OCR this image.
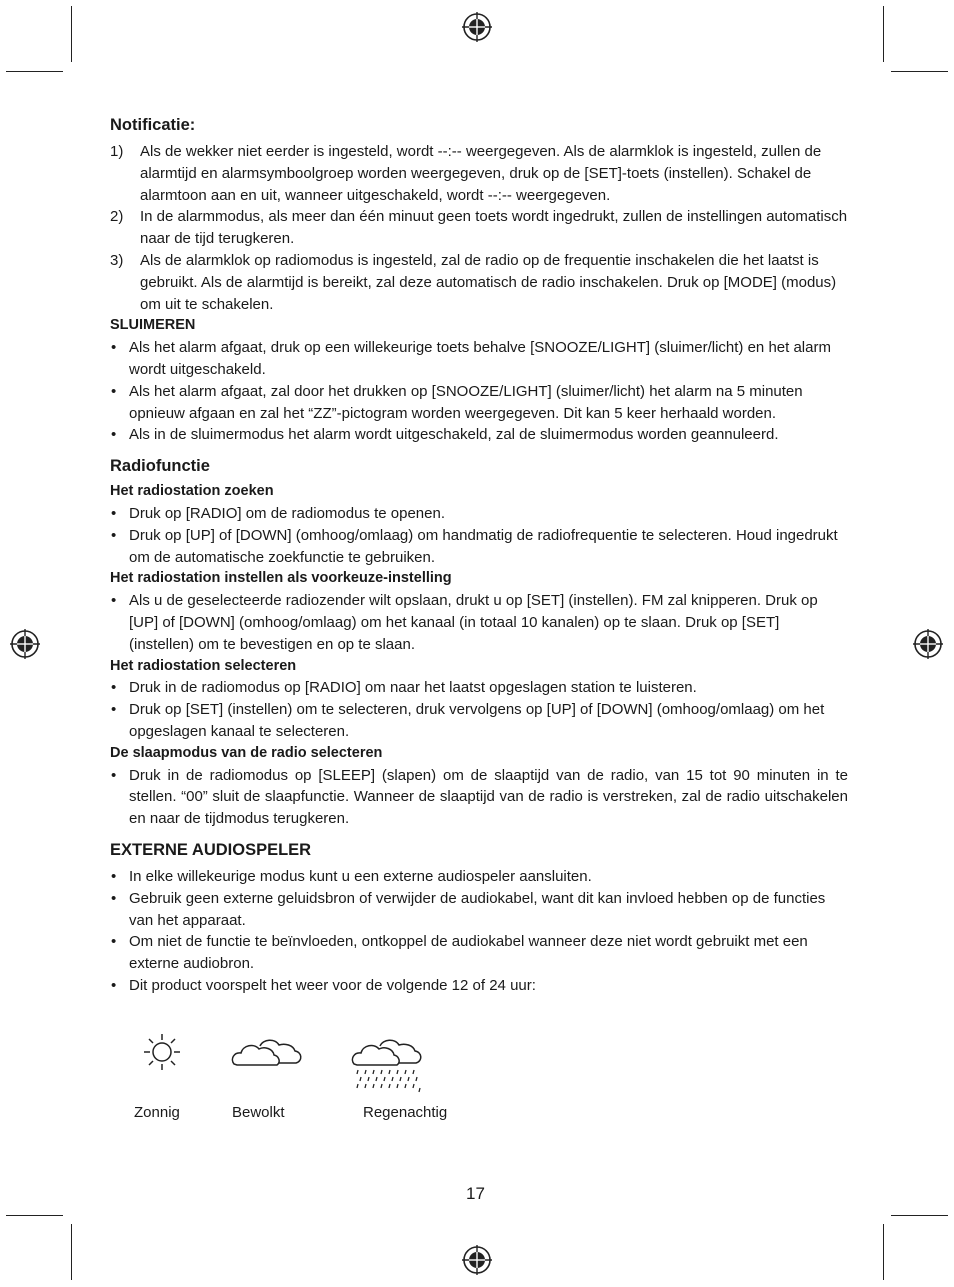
Notificatie:
1) Als de wekker niet eerder is ingesteld, wordt --:-- weergegeven. Als de alarmklok is ingesteld, zullen de alarmtijd en alarmsymboolgroep worden weergegeven, druk op de [SET]-toets (instellen). Schakel de alarmtoon aan en uit, wanneer uitgeschakeld, wordt --:-- weergegeven.
2) In de alarmmodus, als meer dan één minuut geen toets wordt ingedrukt, zullen de instellingen automatisch naar de tijd terugkeren.
3) Als de alarmklok op radiomodus is ingesteld, zal de radio op de frequentie inschakelen die het laatst is gebruikt. Als de alarmtijd is bereikt, zal deze automatisch de radio inschakelen. Druk op [MODE] (modus) om uit te schakelen.
SLUIMEREN
• Als het alarm afgaat, druk op een willekeurige toets behalve [SNOOZE/LIGHT] (sluimer/licht) en het alarm wordt uitgeschakeld.
• Als het alarm afgaat, zal door het drukken op [SNOOZE/LIGHT] (sluimer/licht) het alarm na 5 minuten opnieuw afgaan en zal het “ZZ”-pictogram worden weergegeven. Dit kan 5 keer herhaald worden.
• Als in de sluimermodus het alarm wordt uitgeschakeld, zal de sluimermodus worden geannuleerd.
Radiofunctie
Het radiostation zoeken
• Druk op [RADIO] om de radiomodus te openen.
• Druk op [UP] of [DOWN] (omhoog/omlaag) om handmatig de radiofrequentie te selecteren. Houd ingedrukt om de automatische zoekfunctie te gebruiken.
Het radiostation instellen als voorkeuze-instelling
• Als u de geselecteerde radiozender wilt opslaan, drukt u op [SET] (instellen). FM zal knipperen. Druk op [UP] of [DOWN] (omhoog/omlaag) om het kanaal (in totaal 10 kanalen) op te slaan. Druk op [SET] (instellen) om te bevestigen en op te slaan.
Het radiostation selecteren
• Druk in de radiomodus op [RADIO] om naar het laatst opgeslagen station te luisteren.
• Druk op [SET] (instellen) om te selecteren, druk vervolgens op [UP] of [DOWN] (omhoog/omlaag) om het opgeslagen kanaal te selecteren.
De slaapmodus van de radio selecteren
• Druk in de radiomodus op [SLEEP] (slapen) om de slaaptijd van de radio, van 15 tot 90 minuten in te stellen. “00” sluit de slaapfunctie. Wanneer de slaaptijd van de radio is verstreken, zal de radio uitschakelen en naar de tijdmodus terugkeren.
EXTERNE AUDIOSPELER
• In elke willekeurige modus kunt u een externe audiospeler aansluiten.
• Gebruik geen externe geluidsbron of verwijder de audiokabel, want dit kan invloed hebben op de functies van het apparaat.
• Om niet de functie te beïnvloeden, ontkoppel de audiokabel wanneer deze niet wordt gebruikt met een externe audiobron.
• Dit product voorspelt het weer voor de volgende 12 of 24 uur:
Zonnig	Bewolkt	Regenachtig
17
